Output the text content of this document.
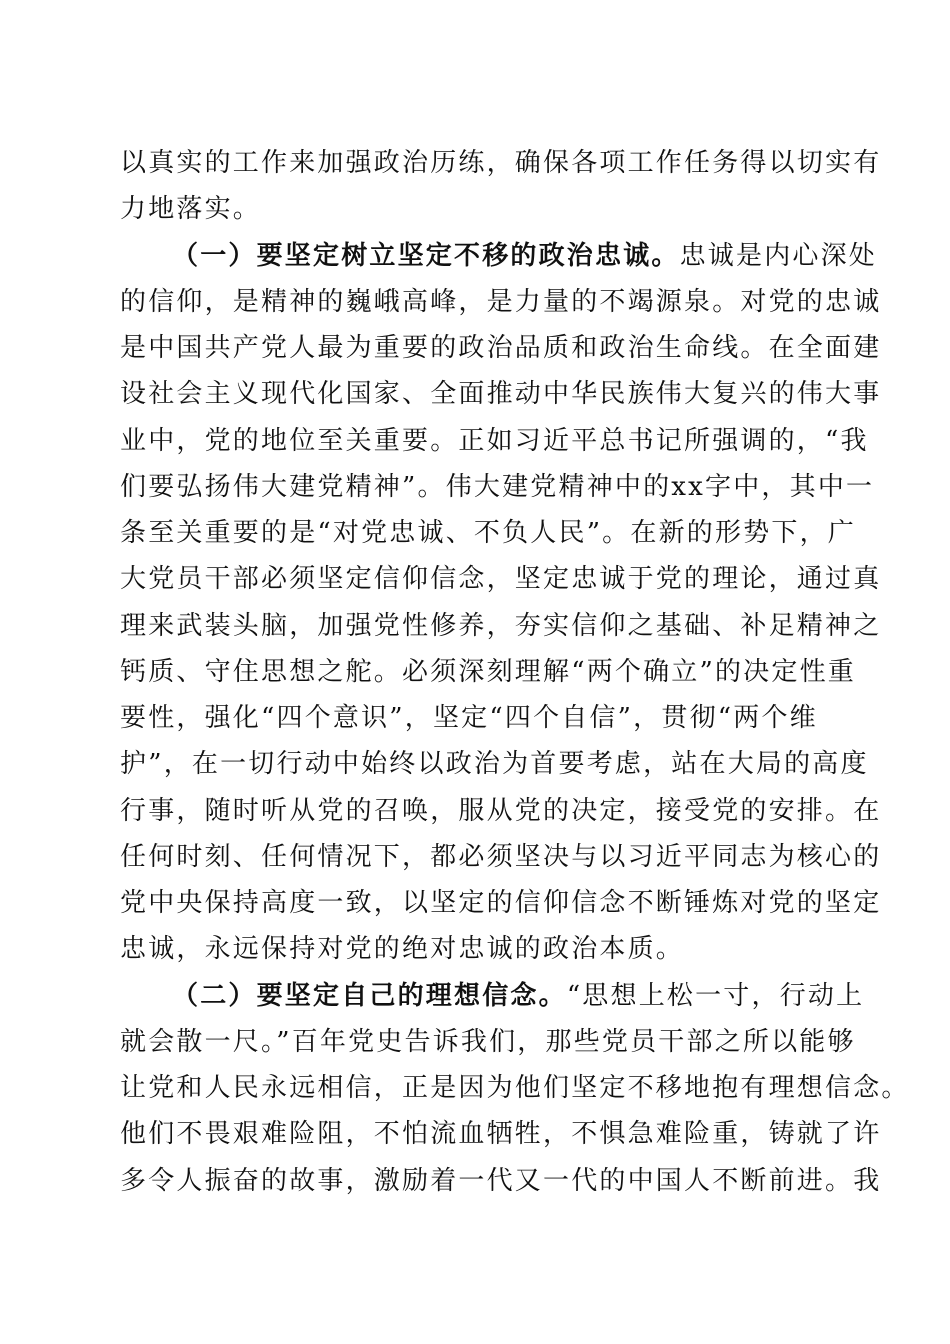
以真实的工作来加强政治历练，确保各项工作任务得以切实有
力地落实。
（一）要坚定树立坚定不移的政治忠诚。忠诚是内心深处
的信仰，是精神的巍峨高峰，是力量的不竭源泉。对党的忠诚
是中国共产党人最为重要的政治品质和政治生命线。在全面建
设社会主义现代化国家、全面推动中华民族伟大复兴的伟大事
业中，党的地位至关重要。正如习近平总书记所强调的，“我
们要弘扬伟大建党精神”。伟大建党精神中的xx字中，其中一
条至关重要的是“对党忠诚、不负人民”。在新的形势下，广
大党员干部必须坚定信仰信念，坚定忠诚于党的理论，通过真
理来武装头脑，加强党性修养，夯实信仰之基础、补足精神之
钙质、守住思想之舵。必须深刻理解“两个确立”的决定性重
要性，强化“四个意识”，坚定“四个自信”，贯彻“两个维
护”，在一切行动中始终以政治为首要考虑，站在大局的高度
行事，随时听从党的召唤，服从党的决定，接受党的安排。在
任何时刻、任何情况下，都必须坚决与以习近平同志为核心的
党中央保持高度一致，以坚定的信仰信念不断锤炼对党的坚定
忠诚，永远保持对党的绝对忠诚的政治本质。
（二）要坚定自己的理想信念。“思想上松一寸，行动上
就会散一尺。”百年党史告诉我们，那些党员干部之所以能够
让党和人民永远相信，正是因为他们坚定不移地抱有理想信念。
他们不畏艰难险阻，不怕流血牺牲，不惧急难险重，铸就了许
多令人振奋的故事，激励着一代又一代的中国人不断前进。我
